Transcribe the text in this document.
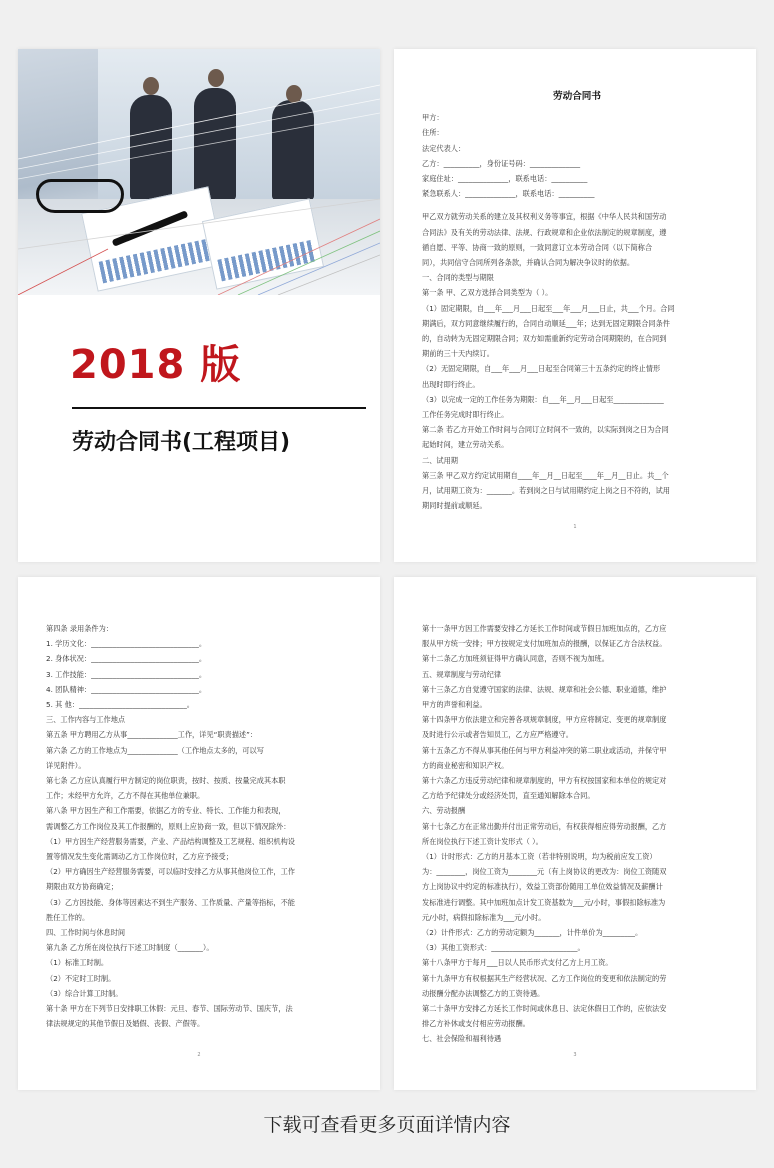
2018 版
劳动合同书(工程项目)
劳动合同书
甲方：
住所：
法定代表人：
乙方：__________，身份证号码：______________
家庭住址：______________，联系电话：__________
紧急联系人：______________，联系电话：__________
甲乙双方就劳动关系的建立及其权利义务等事宜，根据《中华人民共和国劳动
合同法》及有关的劳动法律、法规、行政规章和企业依法制定的规章制度，遵
循自愿、平等、协商一致的原则，一致同意订立本劳动合同（以下简称合
同），共同信守合同所列各条款，并确认合同为解决争议时的依据。
一、合同的类型与期限
第一条 甲、乙双方选择合同类型为（ ）。
（1）固定期限，自___年___月___日起至___年___月___日止，共___个月。合同
期满后，双方同意继续履行的，合同自动顺延___年；达到无固定期限合同条件
的，自动转为无固定期限合同；双方如需重新约定劳动合同期限的，在合同到
期前的三十天内续订。
（2）无固定期限，自___年___月___日起至合同第三十五条约定的终止情形
出现时即行终止。
（3）以完成一定的工作任务为期限：自___年__月___日起至______________
工作任务完成时即行终止。
第二条 若乙方开始工作时间与合同订立时间不一致的，以实际到岗之日为合同
起始时间，建立劳动关系。
二、试用期
第三条 甲乙双方约定试用期自____年__月__日起至____年__月__日止。共__个
月，试用期工资为：_______。若到岗之日与试用期约定上岗之日不符的，试用
期同时提前或顺延。
1
第四条 录用条件为：
1. 学历文化：______________________________。
2. 身体状况：______________________________。
3. 工作技能：______________________________。
4. 团队精神：______________________________。
5. 其 他：______________________________。
三、工作内容与工作地点
第五条 甲方聘用乙方从事______________工作，详见“职责描述”：
第六条 乙方的工作地点为______________（工作地点太多的，可以写
详见附件）。
第七条 乙方应认真履行甲方制定的岗位职责，按时、按质、按量完成其本职
工作；未经甲方允许，乙方不得在其他单位兼职。
第八条 甲方因生产和工作需要，依据乙方的专业、特长、工作能力和表现，
需调整乙方工作岗位及其工作报酬的，原则上应协商一致，但以下情况除外：
（1）甲方因生产经营服务需要，产业、产品结构调整及工艺规程、组织机构设
置等情况发生变化需调动乙方工作岗位时，乙方应予接受；
（2）甲方确因生产经营服务需要，可以临时安排乙方从事其他岗位工作，工作
期限由双方协商确定；
（3）乙方因技能、身体等因素达不到生产服务、工作质量、产量等指标，不能
胜任工作的。
四、工作时间与休息时间
第九条 乙方所在岗位执行下述工时制度（_______）。
（1）标准工时制。
（2）不定时工时制。
（3）综合计算工时制。
第十条 甲方在下列节日安排职工休假：元旦、春节、国际劳动节、国庆节，法
律法规规定的其他节假日及婚假、丧假、产假等。
2
第十一条甲方因工作需要安排乙方延长工作时间或节假日加班加点的，乙方应
服从甲方统一安排；甲方按规定支付加班加点的报酬，以保证乙方合法权益。
第十二条乙方加班须征得甲方确认同意，否则不视为加班。
五、规章制度与劳动纪律
第十三条乙方自觉遵守国家的法律、法规、规章和社会公德、职业道德，维护
甲方的声誉和利益。
第十四条甲方依法建立和完善各项规章制度，甲方应将制定、变更的规章制度
及时进行公示或者告知员工，乙方应严格遵守。
第十五条乙方不得从事其他任何与甲方利益冲突的第二职业或活动，并保守甲
方的商业秘密和知识产权。
第十六条乙方违反劳动纪律和规章制度的，甲方有权按国家和本单位的规定对
乙方给予纪律处分或经济处罚，直至通知解除本合同。
六、劳动报酬
第十七条乙方在正常出勤并付出正常劳动后，有权获得相应得劳动报酬，乙方
所在岗位执行下述工资计发形式（ ）。
（1）计时形式：乙方的月基本工资（若非特别说明，均为税前应发工资）
为：________，岗位工资为________元（有上岗协议的更改为：岗位工资随双
方上岗协议中约定的标准执行），效益工资部份随用工单位效益情况及薪酬计
发标准进行调整。其中加班加点计发工资基数为___元/小时，事假扣除标准为
元/小时，病假扣除标准为___元/小时。
（2）计件形式：乙方的劳动定额为_______，计件单价为_________。
（3）其他工资形式：________________________。
第十八条甲方于每月___日以人民币形式支付乙方上月工资。
第十九条甲方有权根据其生产经营状况、乙方工作岗位的变更和依法制定的劳
动报酬分配办法调整乙方的工资待遇。
第二十条甲方安排乙方延长工作时间或休息日、法定休假日工作的，应依法安
排乙方补休或支付相应劳动报酬。
七、社会保险和福利待遇
3
下载可查看更多页面详情内容
